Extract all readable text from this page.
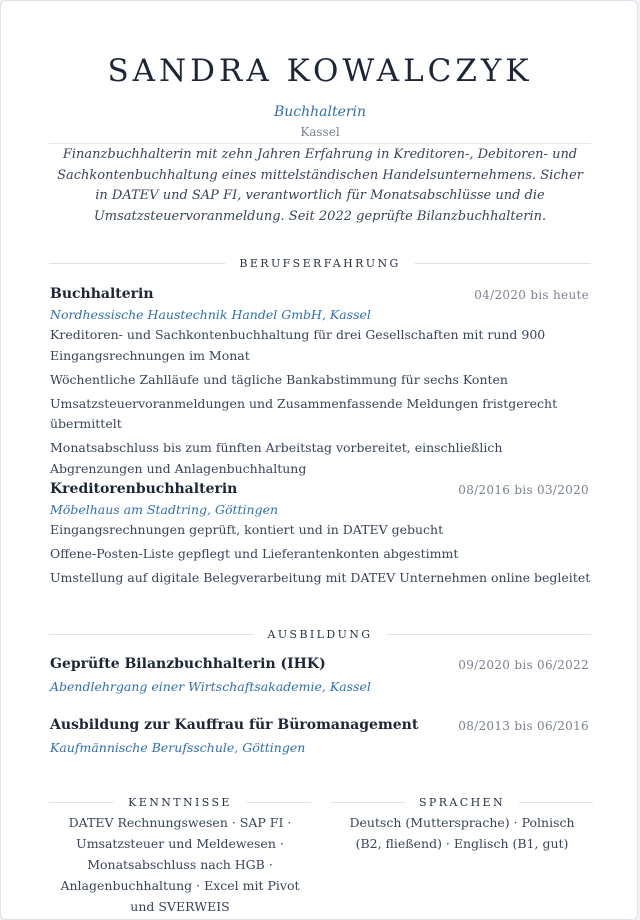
SANDRA KOWALCZYK
Buchhalterin
Kassel
Finanzbuchhalterin mit zehn Jahren Erfahrung in Kreditoren-, Debitoren- und Sachkontenbuchhaltung eines mittelständischen Handelsunternehmens. Sicher in DATEV und SAP FI, verantwortlich für Monatsabschlüsse und die Umsatzsteuervoranmeldung. Seit 2022 geprüfte Bilanzbuchhalterin.
BERUFSERFAHRUNG
Buchhalterin	04/2020 bis heute
Nordhessische Haustechnik Handel GmbH, Kassel
Kreditoren- und Sachkontenbuchhaltung für drei Gesellschaften mit rund 900 Eingangsrechnungen im Monat
Wöchentliche Zahlläufe und tägliche Bankabstimmung für sechs Konten
Umsatzsteuervoranmeldungen und Zusammenfassende Meldungen fristgerecht übermittelt
Monatsabschluss bis zum fünften Arbeitstag vorbereitet, einschließlich Abgrenzungen und Anlagenbuchhaltung
Kreditorenbuchhalterin	08/2016 bis 03/2020
Möbelhaus am Stadtring, Göttingen
Eingangsrechnungen geprüft, kontiert und in DATEV gebucht
Offene-Posten-Liste gepflegt und Lieferantenkonten abgestimmt
Umstellung auf digitale Belegverarbeitung mit DATEV Unternehmen online begleitet
AUSBILDUNG
Geprüfte Bilanzbuchhalterin (IHK)	09/2020 bis 06/2022
Abendlehrgang einer Wirtschaftsakademie, Kassel
Ausbildung zur Kauffrau für Büromanagement	08/2013 bis 06/2016
Kaufmännische Berufsschule, Göttingen
KENNTNISSE
DATEV Rechnungswesen · SAP FI · Umsatzsteuer und Meldewesen · Monatsabschluss nach HGB · Anlagenbuchhaltung · Excel mit Pivot und SVERWEIS
SPRACHEN
Deutsch (Muttersprache) · Polnisch (B2, fließend) · Englisch (B1, gut)
